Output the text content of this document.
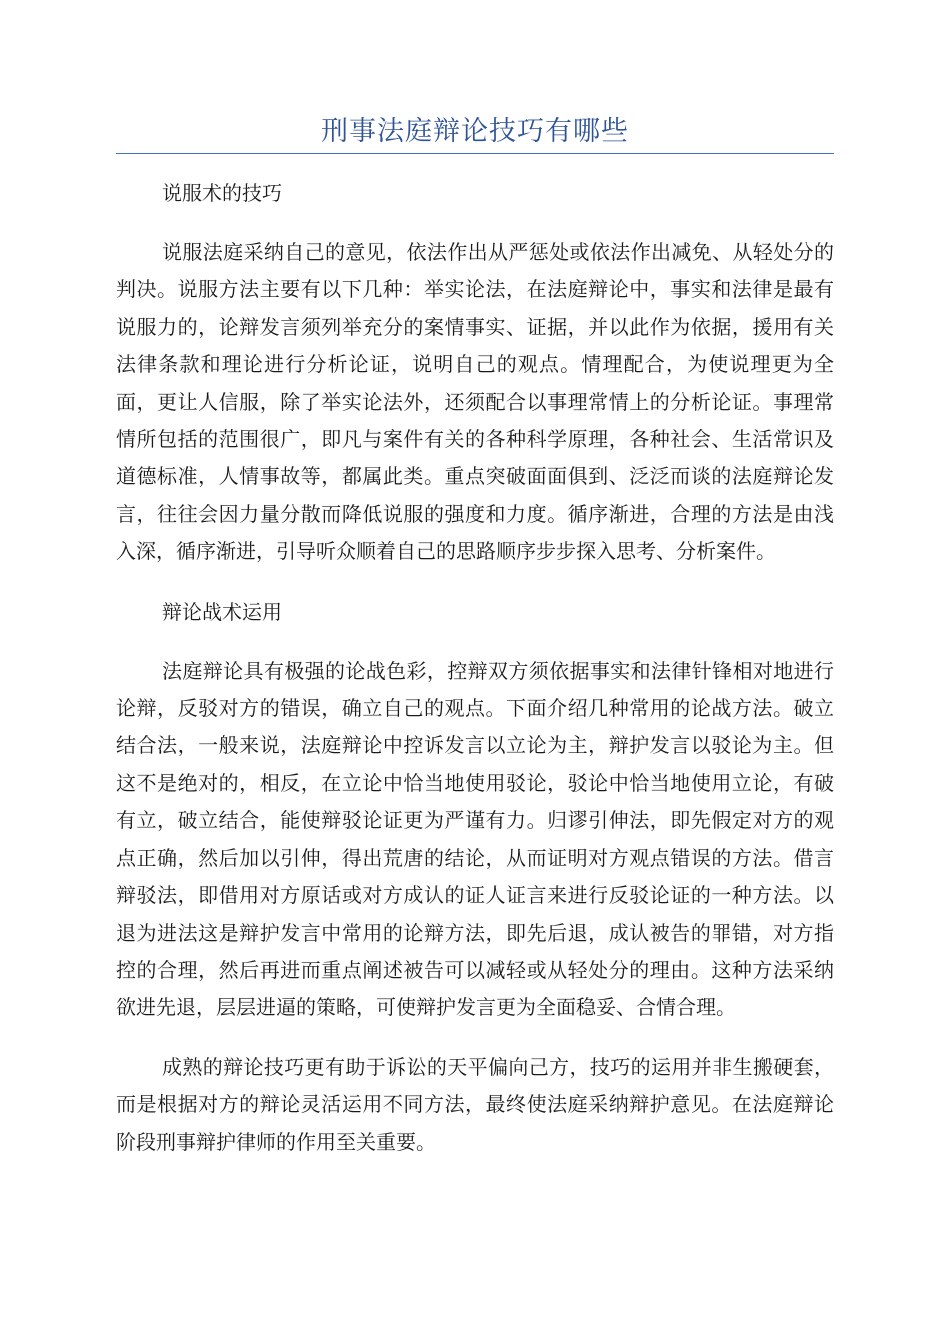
刑事法庭辩论技巧有哪些

说服术的技巧

说服法庭采纳自己的意见，依法作出从严惩处或依法作出减免、从轻处分的判决。说服方法主要有以下几种：举实论法，在法庭辩论中，事实和法律是最有说服力的，论辩发言须列举充分的案情事实、证据，并以此作为依据，援用有关法律条款和理论进行分析论证，说明自己的观点。情理配合，为使说理更为全面，更让人信服，除了举实论法外，还须配合以事理常情上的分析论证。事理常情所包括的范围很广，即凡与案件有关的各种科学原理，各种社会、生活常识及道德标准，人情事故等，都属此类。重点突破面面俱到、泛泛而谈的法庭辩论发言，往往会因力量分散而降低说服的强度和力度。循序渐进，合理的方法是由浅入深，循序渐进，引导听众顺着自己的思路顺序步步探入思考、分析案件。

辩论战术运用

法庭辩论具有极强的论战色彩，控辩双方须依据事实和法律针锋相对地进行论辩，反驳对方的错误，确立自己的观点。下面介绍几种常用的论战方法。破立结合法，一般来说，法庭辩论中控诉发言以立论为主，辩护发言以驳论为主。但这不是绝对的，相反，在立论中恰当地使用驳论，驳论中恰当地使用立论，有破有立，破立结合，能使辩驳论证更为严谨有力。归谬引伸法，即先假定对方的观点正确，然后加以引伸，得出荒唐的结论，从而证明对方观点错误的方法。借言辩驳法，即借用对方原话或对方成认的证人证言来进行反驳论证的一种方法。以退为进法这是辩护发言中常用的论辩方法，即先后退，成认被告的罪错，对方指控的合理，然后再进而重点阐述被告可以减轻或从轻处分的理由。这种方法采纳欲进先退，层层进逼的策略，可使辩护发言更为全面稳妥、合情合理。

成熟的辩论技巧更有助于诉讼的天平偏向己方，技巧的运用并非生搬硬套，而是根据对方的辩论灵活运用不同方法，最终使法庭采纳辩护意见。在法庭辩论阶段刑事辩护律师的作用至关重要。
